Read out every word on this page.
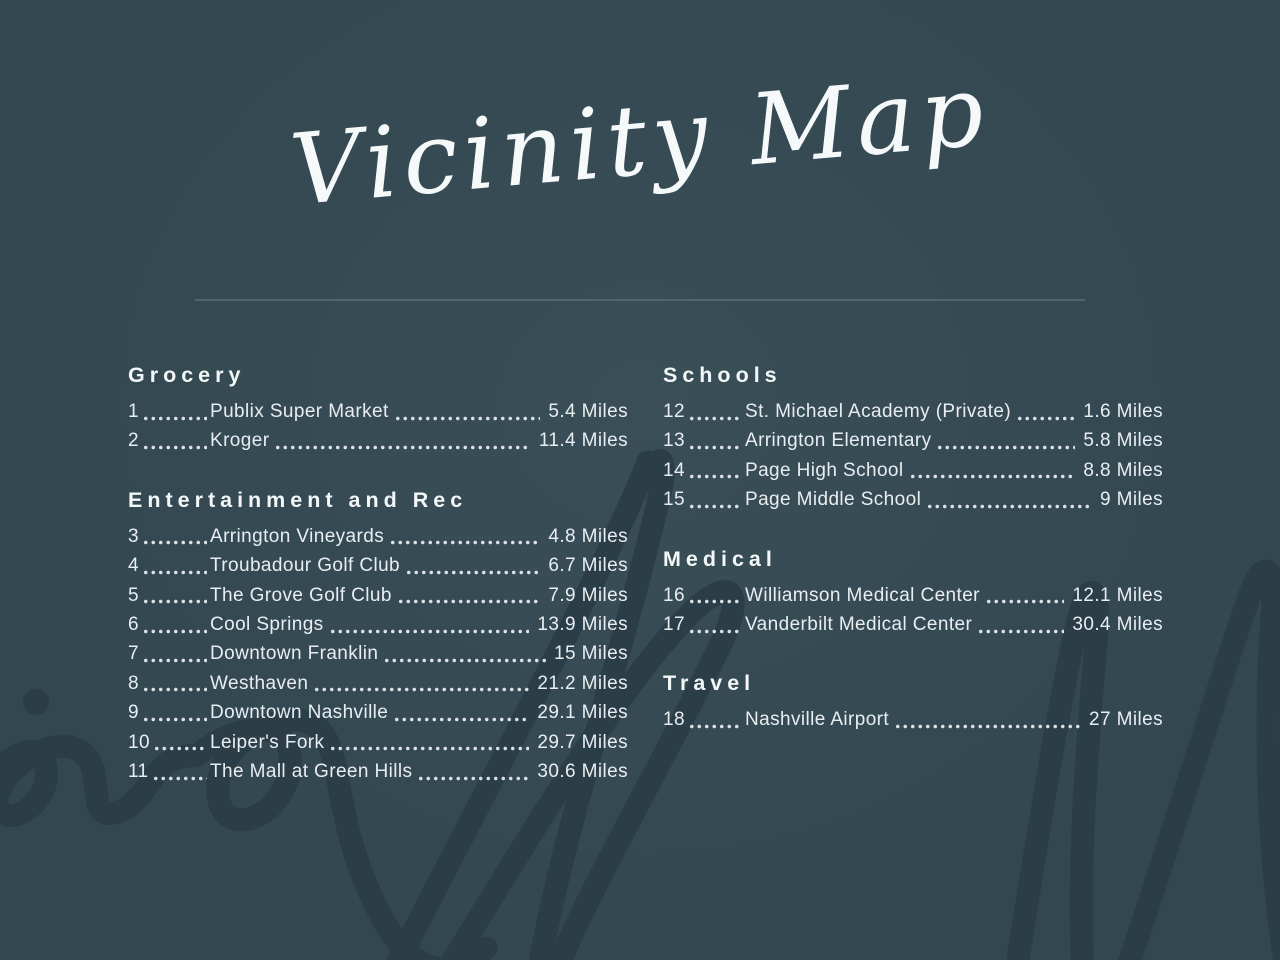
Vicinity Map
Grocery
1	Publix Super Market	5.4 Miles
2	Kroger	11.4 Miles
Entertainment and Rec
3	Arrington Vineyards	4.8 Miles
4	Troubadour Golf Club	6.7 Miles
5	The Grove Golf Club	7.9 Miles
6	Cool Springs	13.9 Miles
7	Downtown Franklin	15 Miles
8	Westhaven	21.2 Miles
9	Downtown Nashville	29.1 Miles
10	Leiper's Fork	29.7 Miles
11	The Mall at Green Hills	30.6 Miles
Schools
12	St. Michael Academy (Private)	1.6 Miles
13	Arrington Elementary	5.8 Miles
14	Page High School	8.8 Miles
15	Page Middle School	9 Miles
Medical
16	Williamson Medical Center	12.1 Miles
17	Vanderbilt Medical Center	30.4 Miles
Travel
18	Nashville Airport	27 Miles
